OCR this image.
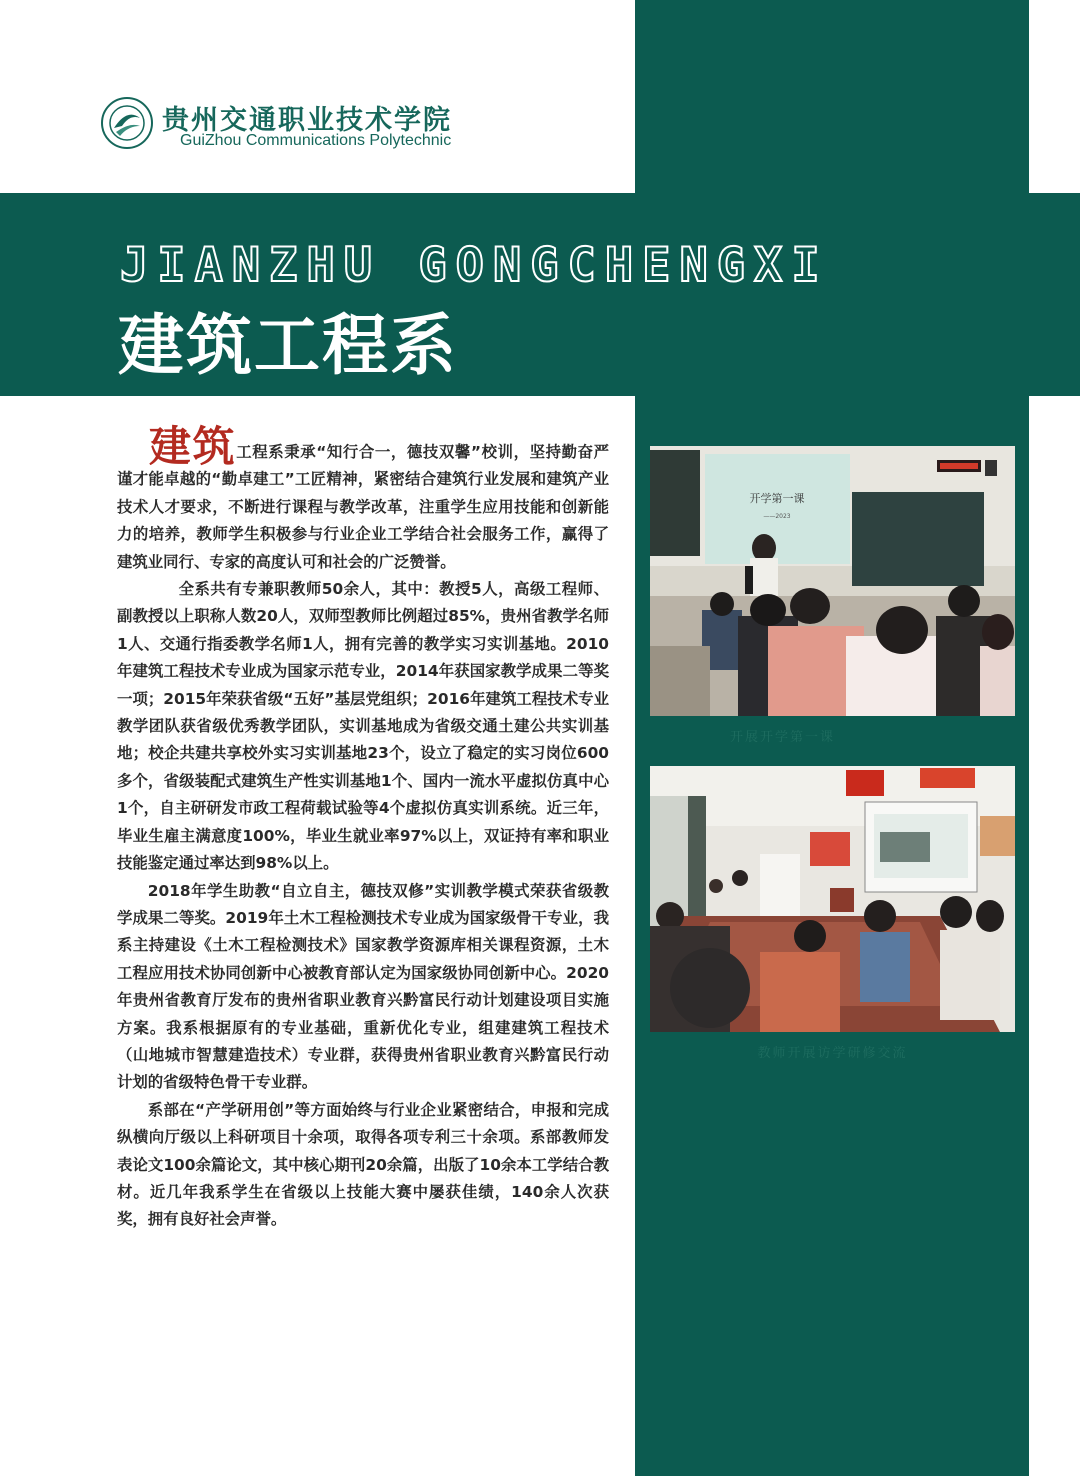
贵州交通职业技术学院
GuiZhou Communications Polytechnic
JIANZHU GONGCHENGXI
建筑工程系

建筑工程系秉承“知行合一，德技双馨”校训，坚持勤奋严谨才能卓越的“勤卓建工”工匠精神，紧密结合建筑行业发展和建筑产业技术人才要求，不断进行课程与教学改革，注重学生应用技能和创新能力的培养，教师学生积极参与行业企业工学结合社会服务工作，赢得了建筑业同行、专家的高度认可和社会的广泛赞誉。

全系共有专兼职教师50余人，其中：教授5人，高级工程师、副教授以上职称人数20人，双师型教师比例超过85%，贵州省教学名师1人、交通行指委教学名师1人，拥有完善的教学实习实训基地。2010年建筑工程技术专业成为国家示范专业，2014年获国家教学成果二等奖一项；2015年荣获省级“五好”基层党组织；2016年建筑工程技术专业教学团队获省级优秀教学团队，实训基地成为省级交通土建公共实训基地；校企共建共享校外实习实训基地23个，设立了稳定的实习岗位600多个，省级装配式建筑生产性实训基地1个、国内一流水平虚拟仿真中心1个，自主研研发市政工程荷载试验等4个虚拟仿真实训系统。近三年，毕业生雇主满意度100%，毕业生就业率97%以上，双证持有率和职业技能鉴定通过率达到98%以上。

2018年学生助教“自立自主，德技双修”实训教学模式荣获省级教学成果二等奖。2019年土木工程检测技术专业成为国家级骨干专业，我系主持建设《土木工程检测技术》国家教学资源库相关课程资源，土木工程应用技术协同创新中心被教育部认定为国家级协同创新中心。2020年贵州省教育厅发布的贵州省职业教育兴黔富民行动计划建设项目实施方案。我系根据原有的专业基础，重新优化专业，组建建筑工程技术（山地城市智慧建造技术）专业群，获得贵州省职业教育兴黔富民行动计划的省级特色骨干专业群。

系部在“产学研用创”等方面始终与行业企业紧密结合，申报和完成纵横向厅级以上科研项目十余项，取得各项专利三十余项。系部教师发表论文100余篇论文，其中核心期刊20余篇，出版了10余本工学结合教材。近几年我系学生在省级以上技能大赛中屡获佳绩，140余人次获奖，拥有良好社会声誉。

开学第一课
——2023
开展开学第一课
教师开展访学研修交流
